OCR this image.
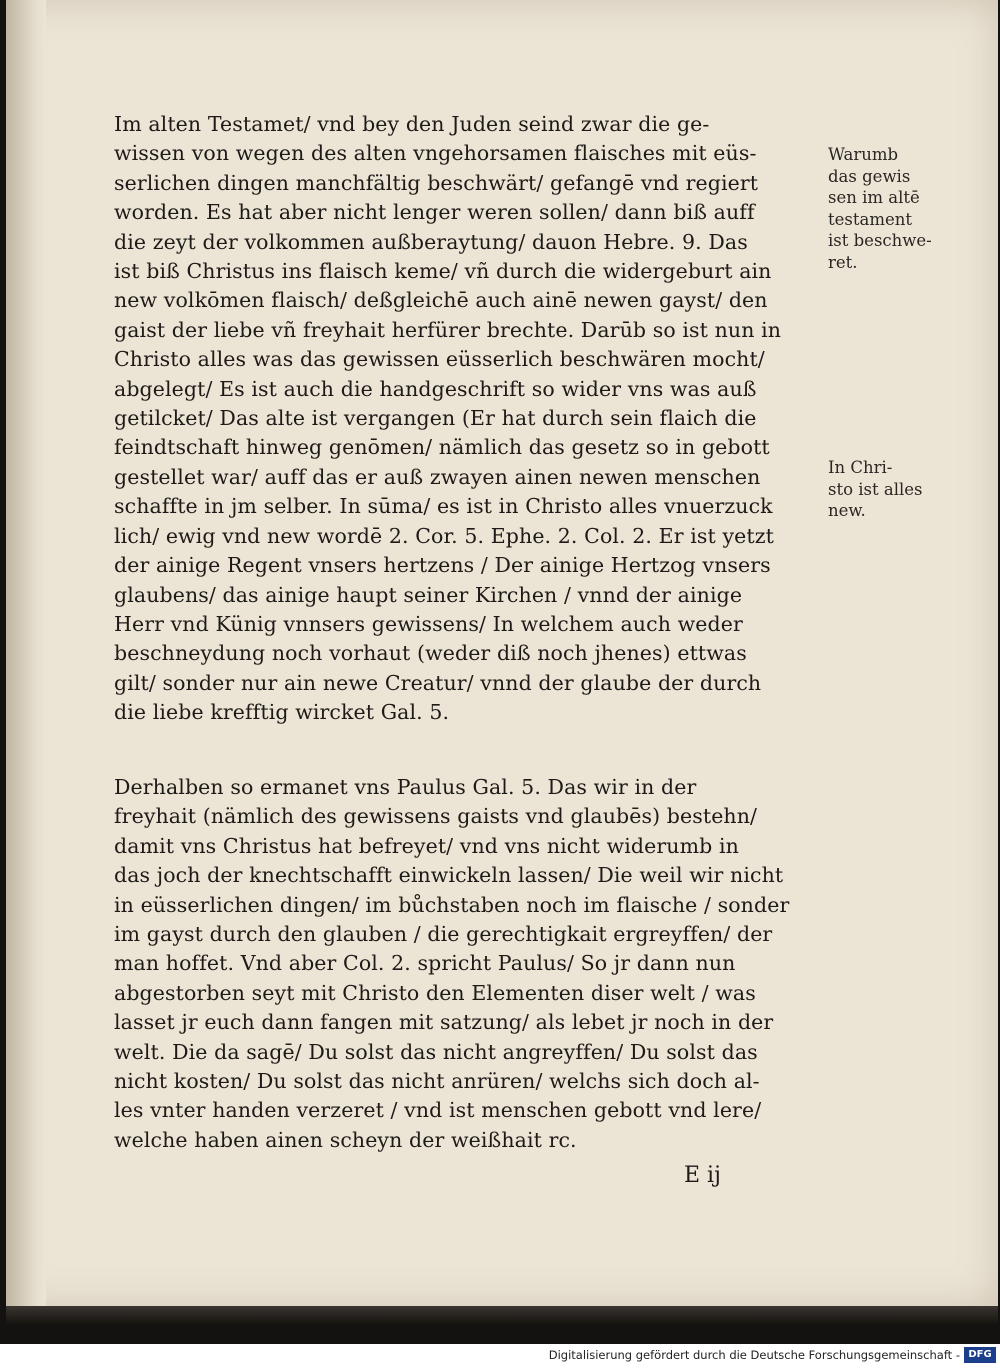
Im alten Testamet/ vnd bey den Juden seind zwar die ge-
wissen von wegen des alten vngehorsamen flaisches mit eüs-
serlichen dingen manchfältig beschwärt/ gefangē vnd regiert
worden. Es hat aber nicht lenger weren sollen/ dann biß auff
die zeyt der volkommen außberaytung/ dauon Hebre. 9. Das
ist biß Christus ins flaisch keme/ vñ durch die widergeburt ain
new volkōmen flaisch/ deßgleichē auch ainē newen gayst/ den
gaist der liebe vñ freyhait herfürer brechte. Darūb so ist nun in
Christo alles was das gewissen eüsserlich beschwären mocht/
abgelegt/ Es ist auch die handgeschrift so wider vns was auß
getilcket/ Das alte ist vergangen (Er hat durch sein flaich die
feindtschaft hinweg genōmen/ nämlich das gesetz so in gebott
gestellet war/ auff das er auß zwayen ainen newen menschen
schaffte in jm selber. In sūma/ es ist in Christo alles vnuerzuck
lich/ ewig vnd new wordē 2. Cor. 5. Ephe. 2. Col. 2. Er ist yetzt
der ainige Regent vnsers hertzens / Der ainige Hertzog vnsers
glaubens/ das ainige haupt seiner Kirchen / vnnd der ainige
Herr vnd Künig vnnsers gewissens/ In welchem auch weder
beschneydung noch vorhaut (weder diß noch jhenes) ettwas
gilt/ sonder nur ain newe Creatur/ vnnd der glaube der durch
die liebe krefftig wircket Gal. 5.
Derhalben so ermanet vns Paulus Gal. 5. Das wir in der
freyhait (nämlich des gewissens gaists vnd glaubēs) bestehn/
damit vns Christus hat befreyet/ vnd vns nicht widerumb in
das joch der knechtschafft einwickeln lassen/ Die weil wir nicht
in eüsserlichen dingen/ im bůchstaben noch im flaische / sonder
im gayst durch den glauben / die gerechtigkait ergreyffen/ der
man hoffet. Vnd aber Col. 2. spricht Paulus/ So jr dann nun
abgestorben seyt mit Christo den Elementen diser welt / was
lasset jr euch dann fangen mit satzung/ als lebet jr noch in der
welt. Die da sagē/ Du solst das nicht angreyffen/ Du solst das
nicht kosten/ Du solst das nicht anrüren/ welchs sich doch al-
les vnter handen verzeret / vnd ist menschen gebott vnd lere/
welche haben ainen scheyn der weißhait rc.
Warumb
das gewis
sen im altē
testament
ist beschwe-
ret.
In Chri-
sto ist alles
new.
E ij
Digitalisierung gefördert durch die Deutsche Forschungsgemeinschaft - DFG
